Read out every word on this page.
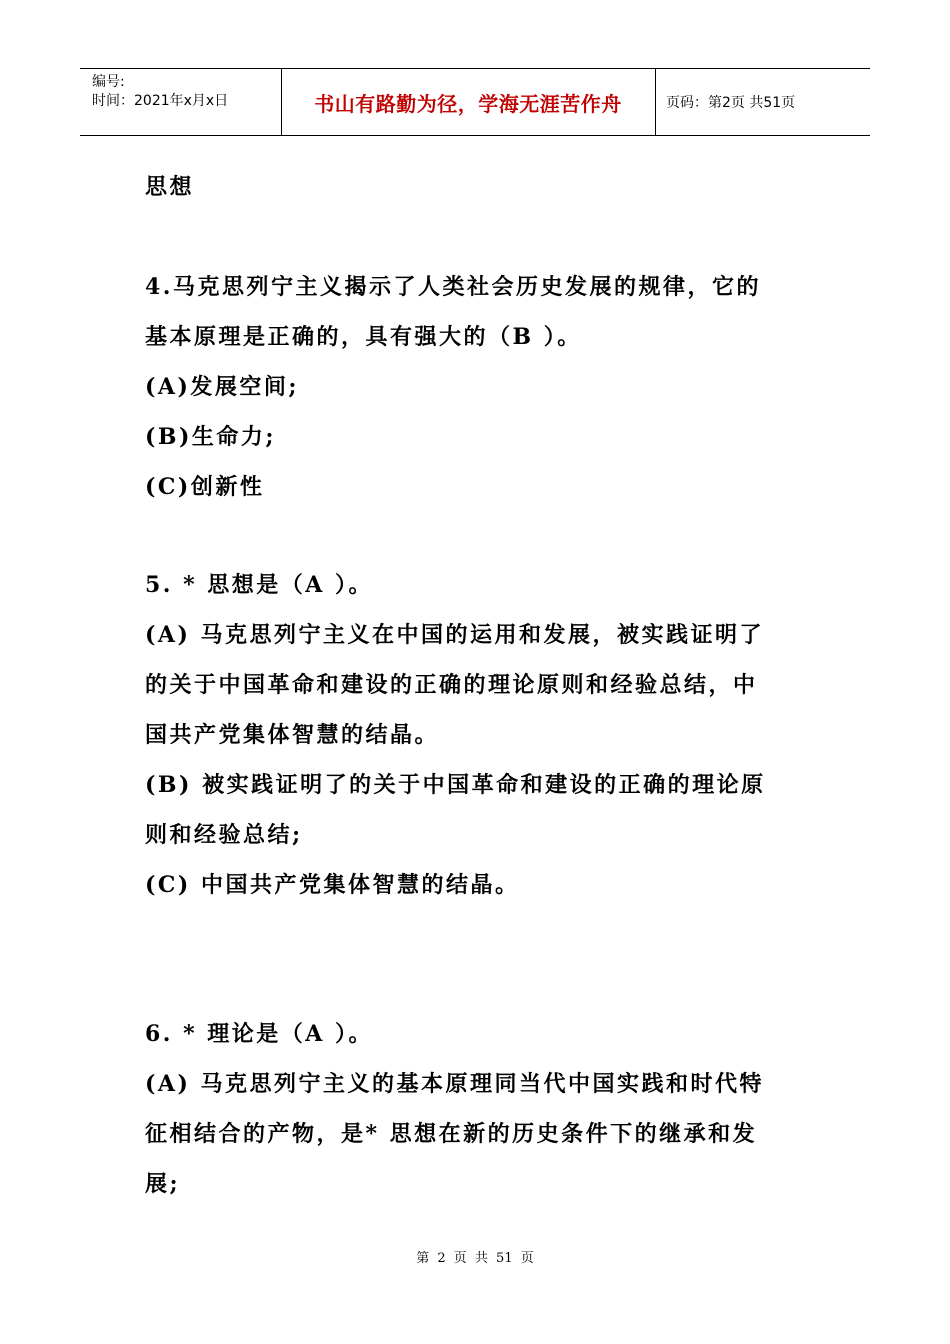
编号:
时间：2021年x月x日	书山有路勤为径，学海无涯苦作舟	页码：第2页 共51页
思想
4.马克思列宁主义揭示了人类社会历史发展的规律，它的
基本原理是正确的，具有强大的（B ）。
(A)发展空间;
(B)生命力;
(C)创新性
5. * 思想是（A ）。
(A) 马克思列宁主义在中国的运用和发展，被实践证明了
的关于中国革命和建设的正确的理论原则和经验总结，中
国共产党集体智慧的结晶。
(B) 被实践证明了的关于中国革命和建设的正确的理论原
则和经验总结;
(C) 中国共产党集体智慧的结晶。
6. * 理论是（A ）。
(A) 马克思列宁主义的基本原理同当代中国实践和时代特
征相结合的产物，是* 思想在新的历史条件下的继承和发
展;
第 2 页 共 51 页
